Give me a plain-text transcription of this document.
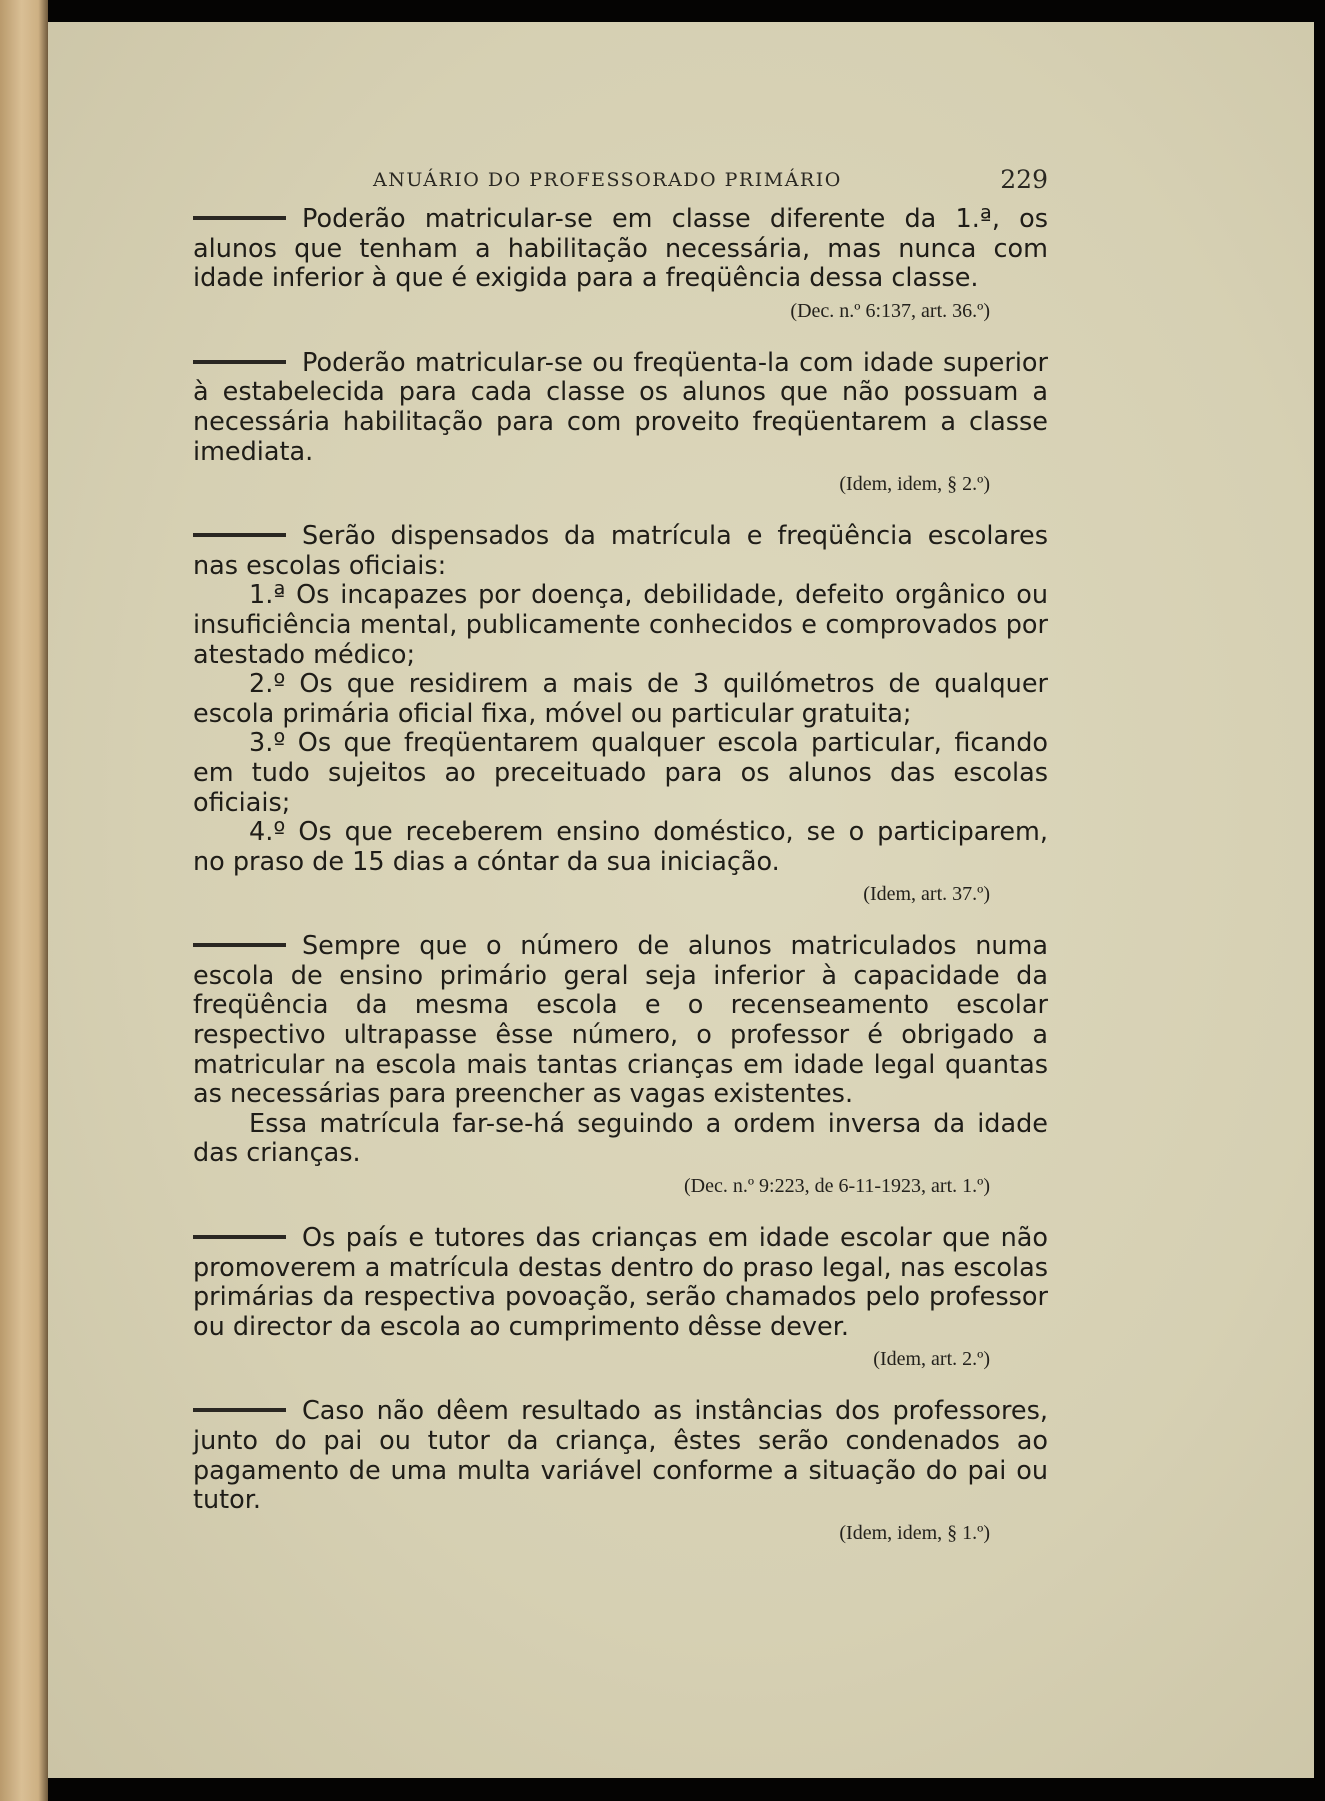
ANUÁRIO DO PROFESSORADO PRIMÁRIO	229

Poderão matricular-se em classe diferente da 1.ª, os alunos que tenham a habilitação necessária, mas nunca com idade inferior à que é exigida para a freqüência dessa classe.

(Dec. n.º 6:137, art. 36.º)

Poderão matricular-se ou freqüenta-la com idade superior à estabelecida para cada classe os alunos que não possuam a necessária habilitação para com proveito freqüentarem a classe imediata.

(Idem, idem, § 2.º)

Serão dispensados da matrícula e freqüência escolares nas escolas oficiais:

1.ª Os incapazes por doença, debilidade, defeito orgânico ou insuficiência mental, publicamente conhecidos e comprovados por atestado médico;

2.º Os que residirem a mais de 3 quilómetros de qualquer escola primária oficial fixa, móvel ou particular gratuita;

3.º Os que freqüentarem qualquer escola particular, ficando em tudo sujeitos ao preceituado para os alunos das escolas oficiais;

4.º Os que receberem ensino doméstico, se o participarem, no praso de 15 dias a cóntar da sua iniciação.

(Idem, art. 37.º)

Sempre que o número de alunos matriculados numa escola de ensino primário geral seja inferior à capacidade da freqüência da mesma escola e o recenseamento escolar respectivo ultrapasse êsse número, o professor é obrigado a matricular na escola mais tantas crianças em idade legal quantas as necessárias para preencher as vagas existentes.

Essa matrícula far-se-há seguindo a ordem inversa da idade das crianças.

(Dec. n.º 9:223, de 6-11-1923, art. 1.º)

Os país e tutores das crianças em idade escolar que não promoverem a matrícula destas dentro do praso legal, nas escolas primárias da respectiva povoação, serão chamados pelo professor ou director da escola ao cumprimento dêsse dever.

(Idem, art. 2.º)

Caso não dêem resultado as instâncias dos professores, junto do pai ou tutor da criança, êstes serão condenados ao pagamento de uma multa variável conforme a situação do pai ou tutor.

(Idem, idem, § 1.º)
